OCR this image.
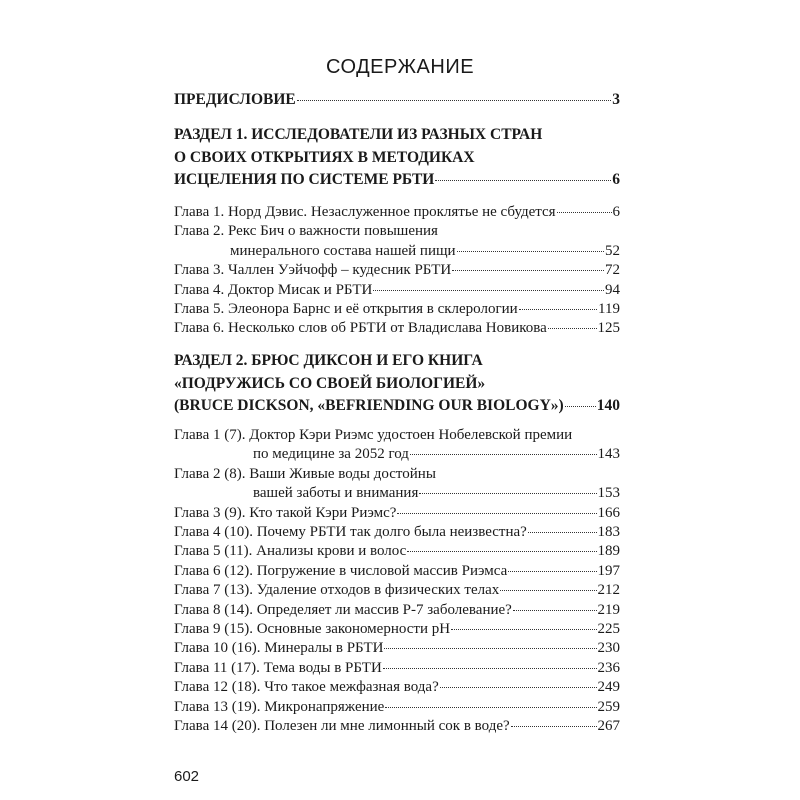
СОДЕРЖАНИЕ
ПРЕДИСЛОВИЕ	3
РАЗДЕЛ 1. ИССЛЕДОВАТЕЛИ ИЗ РАЗНЫХ СТРАН
О СВОИХ ОТКРЫТИЯХ В МЕТОДИКАХ
ИСЦЕЛЕНИЯ ПО СИСТЕМЕ РБТИ	6
Глава 1. Норд Дэвис. Незаслуженное проклятье не сбудется	6
Глава 2. Рекс Бич о важности повышения
минерального состава нашей пищи	52
Глава 3. Чаллен Уэйчофф – кудесник РБТИ	72
Глава 4. Доктор Мисак и РБТИ	94
Глава 5. Элеонора Барнс и её открытия в склерологии	119
Глава 6. Несколько слов об РБТИ от Владислава Новикова	125
РАЗДЕЛ 2. БРЮС ДИКСОН И ЕГО КНИГА
«ПОДРУЖИСЬ СО СВОЕЙ БИОЛОГИЕЙ»
(BRUCE DICKSON, «BEFRIENDING OUR BIOLOGY») 140
Глава 1 (7). Доктор Кэри Риэмс удостоен Нобелевской премии
по медицине за 2052 год	143
Глава 2 (8). Ваши Живые воды достойны
вашей заботы и внимания	153
Глава 3 (9). Кто такой Кэри Риэмс?	166
Глава 4 (10). Почему РБТИ так долго была неизвестна?	183
Глава 5 (11). Анализы крови и волос	189
Глава 6 (12). Погружение в числовой массив Риэмса	197
Глава 7 (13). Удаление отходов в физических телах	212
Глава 8 (14). Определяет ли массив Р-7 заболевание?	219
Глава 9 (15). Основные закономерности pH	225
Глава 10 (16). Минералы в РБТИ	230
Глава 11 (17). Тема воды в РБТИ	236
Глава 12 (18). Что такое межфазная вода?	249
Глава 13 (19). Микронапряжение	259
Глава 14 (20). Полезен ли мне лимонный сок в воде?	267
602
